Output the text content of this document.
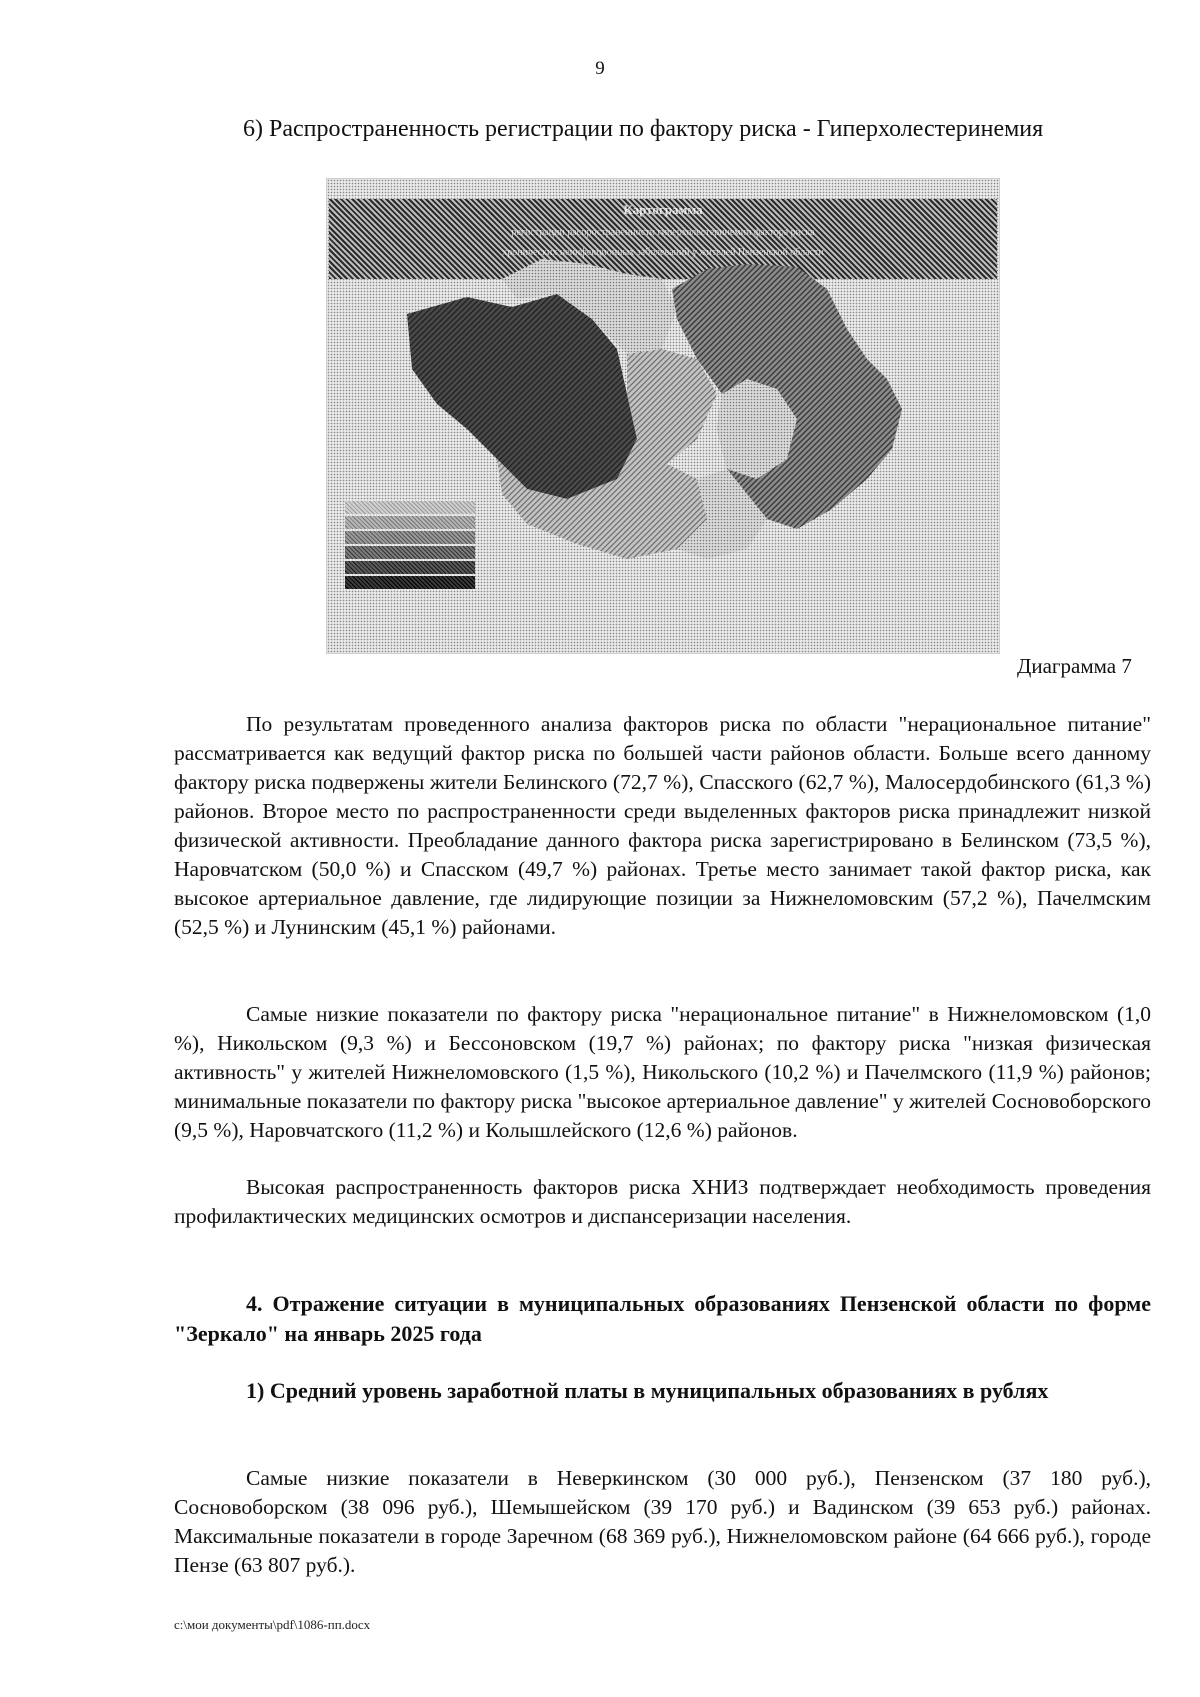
9
6) Распространенность регистрации по фактору риска - Гиперхолестеринемия
Картограмма
регистрации распространенности гиперхолестеринемии фактора риска
хронических неинфекционных заболеваний у жителей Пензенской области
Диаграмма 7

По результатам проведенного анализа факторов риска по области "нерациональное питание" рассматривается как ведущий фактор риска по большей части районов области. Больше всего данному фактору риска подвержены жители Белинского (72,7 %), Спасского (62,7 %), Малосердобинского (61,3 %) районов. Второе место по распространенности среди выделенных факторов риска принадлежит низкой физической активности. Преобладание данного фактора риска зарегистрировано в Белинском (73,5 %), Наровчатском (50,0 %) и Спасском (49,7 %) районах. Третье место занимает такой фактор риска, как высокое артериальное давление, где лидирующие позиции за Нижнеломовским (57,2 %), Пачелмским (52,5 %) и Лунинским (45,1 %) районами.

Самые низкие показатели по фактору риска "нерациональное питание" в Нижнеломовском (1,0 %), Никольском (9,3 %) и Бессоновском (19,7 %) районах; по фактору риска "низкая физическая активность" у жителей Нижнеломовского (1,5 %), Никольского (10,2 %) и Пачелмского (11,9 %) районов; минимальные показатели по фактору риска "высокое артериальное давление" у жителей Сосновоборского (9,5 %), Наровчатского (11,2 %) и Колышлейского (12,6 %) районов.

Высокая распространенность факторов риска ХНИЗ подтверждает необходимость проведения профилактических медицинских осмотров и диспансеризации населения.

4. Отражение ситуации в муниципальных образованиях Пензенской области по форме "Зеркало" на январь 2025 года

1) Средний уровень заработной платы в муниципальных образованиях в рублях

Самые низкие показатели в Неверкинском (30 000 руб.), Пензенском (37 180 руб.), Сосновоборском (38 096 руб.), Шемышейском (39 170 руб.) и Вадинском (39 653 руб.) районах. Максимальные показатели в городе Заречном (68 369 руб.), Нижнеломовском районе (64 666 руб.), городе Пензе (63 807 руб.).

c:\мои документы\pdf\1086-пп.docx
